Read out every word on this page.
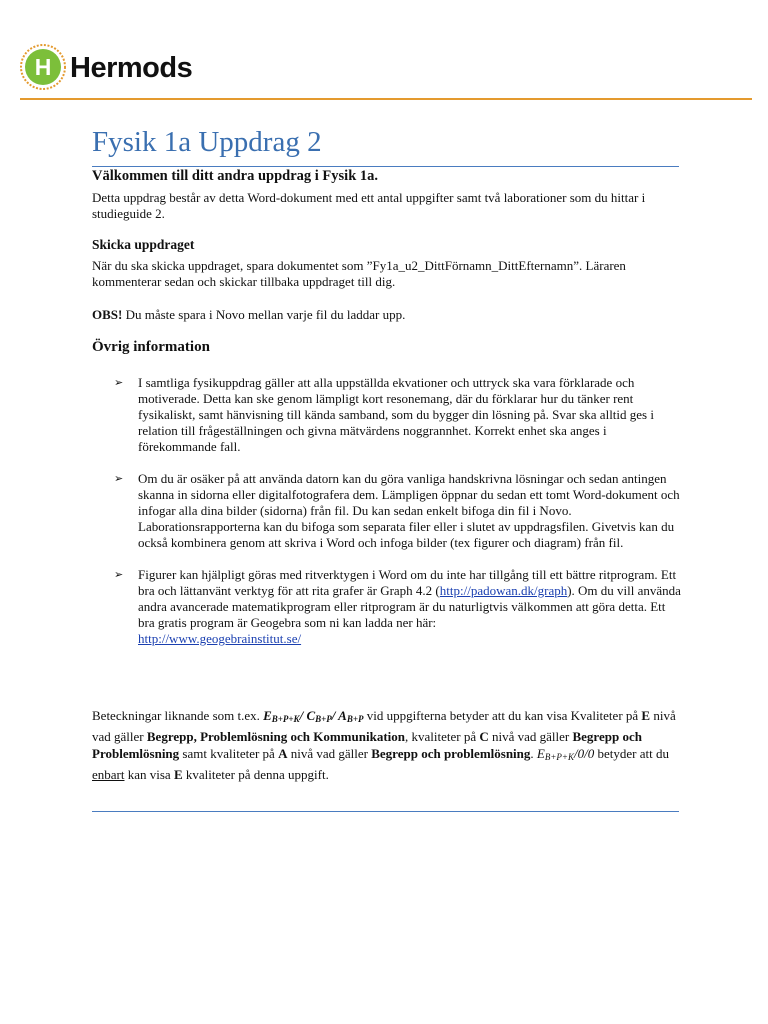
H Hermods
Fysik 1a Uppdrag 2
Välkommen till ditt andra uppdrag i Fysik 1a.
Detta uppdrag består av detta Word-dokument med ett antal uppgifter samt två laborationer som du hittar i studieguide 2.
Skicka uppdraget
När du ska skicka uppdraget, spara dokumentet som ”Fy1a_u2_DittFörnamn_DittEfternamn”. Läraren kommenterar sedan och skickar tillbaka uppdraget till dig.
OBS! Du måste spara i Novo mellan varje fil du laddar upp.
Övrig information
➢ I samtliga fysikuppdrag gäller att alla uppställda ekvationer och uttryck ska vara förklarade och motiverade. Detta kan ske genom lämpligt kort resonemang, där du förklarar hur du tänker rent fysikaliskt, samt hänvisning till kända samband, som du bygger din lösning på. Svar ska alltid ges i relation till frågeställningen och givna mätvärdens noggrannhet. Korrekt enhet ska anges i förekommande fall.
➢ Om du är osäker på att använda datorn kan du göra vanliga handskrivna lösningar och sedan antingen skanna in sidorna eller digitalfotografera dem. Lämpligen öppnar du sedan ett tomt Word-dokument och infogar alla dina bilder (sidorna) från fil. Du kan sedan enkelt bifoga din fil i Novo. Laborationsrapporterna kan du bifoga som separata filer eller i slutet av uppdragsfilen. Givetvis kan du också kombinera genom att skriva i Word och infoga bilder (tex figurer och diagram) från fil.
➢ Figurer kan hjälpligt göras med ritverktygen i Word om du inte har tillgång till ett bättre ritprogram. Ett bra och lättanvänt verktyg för att rita grafer är Graph 4.2 (http://padowan.dk/graph). Om du vill använda andra avancerade matematikprogram eller ritprogram är du naturligtvis välkommen att göra detta. Ett bra gratis program är Geogebra som ni kan ladda ner här:
http://www.geogebrainstitut.se/
Beteckningar liknande som t.ex. $E_{B+P+K}/$ $C_{B+P}/$ $A_{B+P}$ vid uppgifterna betyder att du kan visa Kvaliteter på E nivå vad gäller Begrepp, Problemlösning och Kommunikation, kvaliteter på C nivå vad gäller Begrepp och Problemlösning samt kvaliteter på A nivå vad gäller Begrepp och problemlösning. EB+P+K/0/0 betyder att du enbart kan visa E kvaliteter på denna uppgift.
